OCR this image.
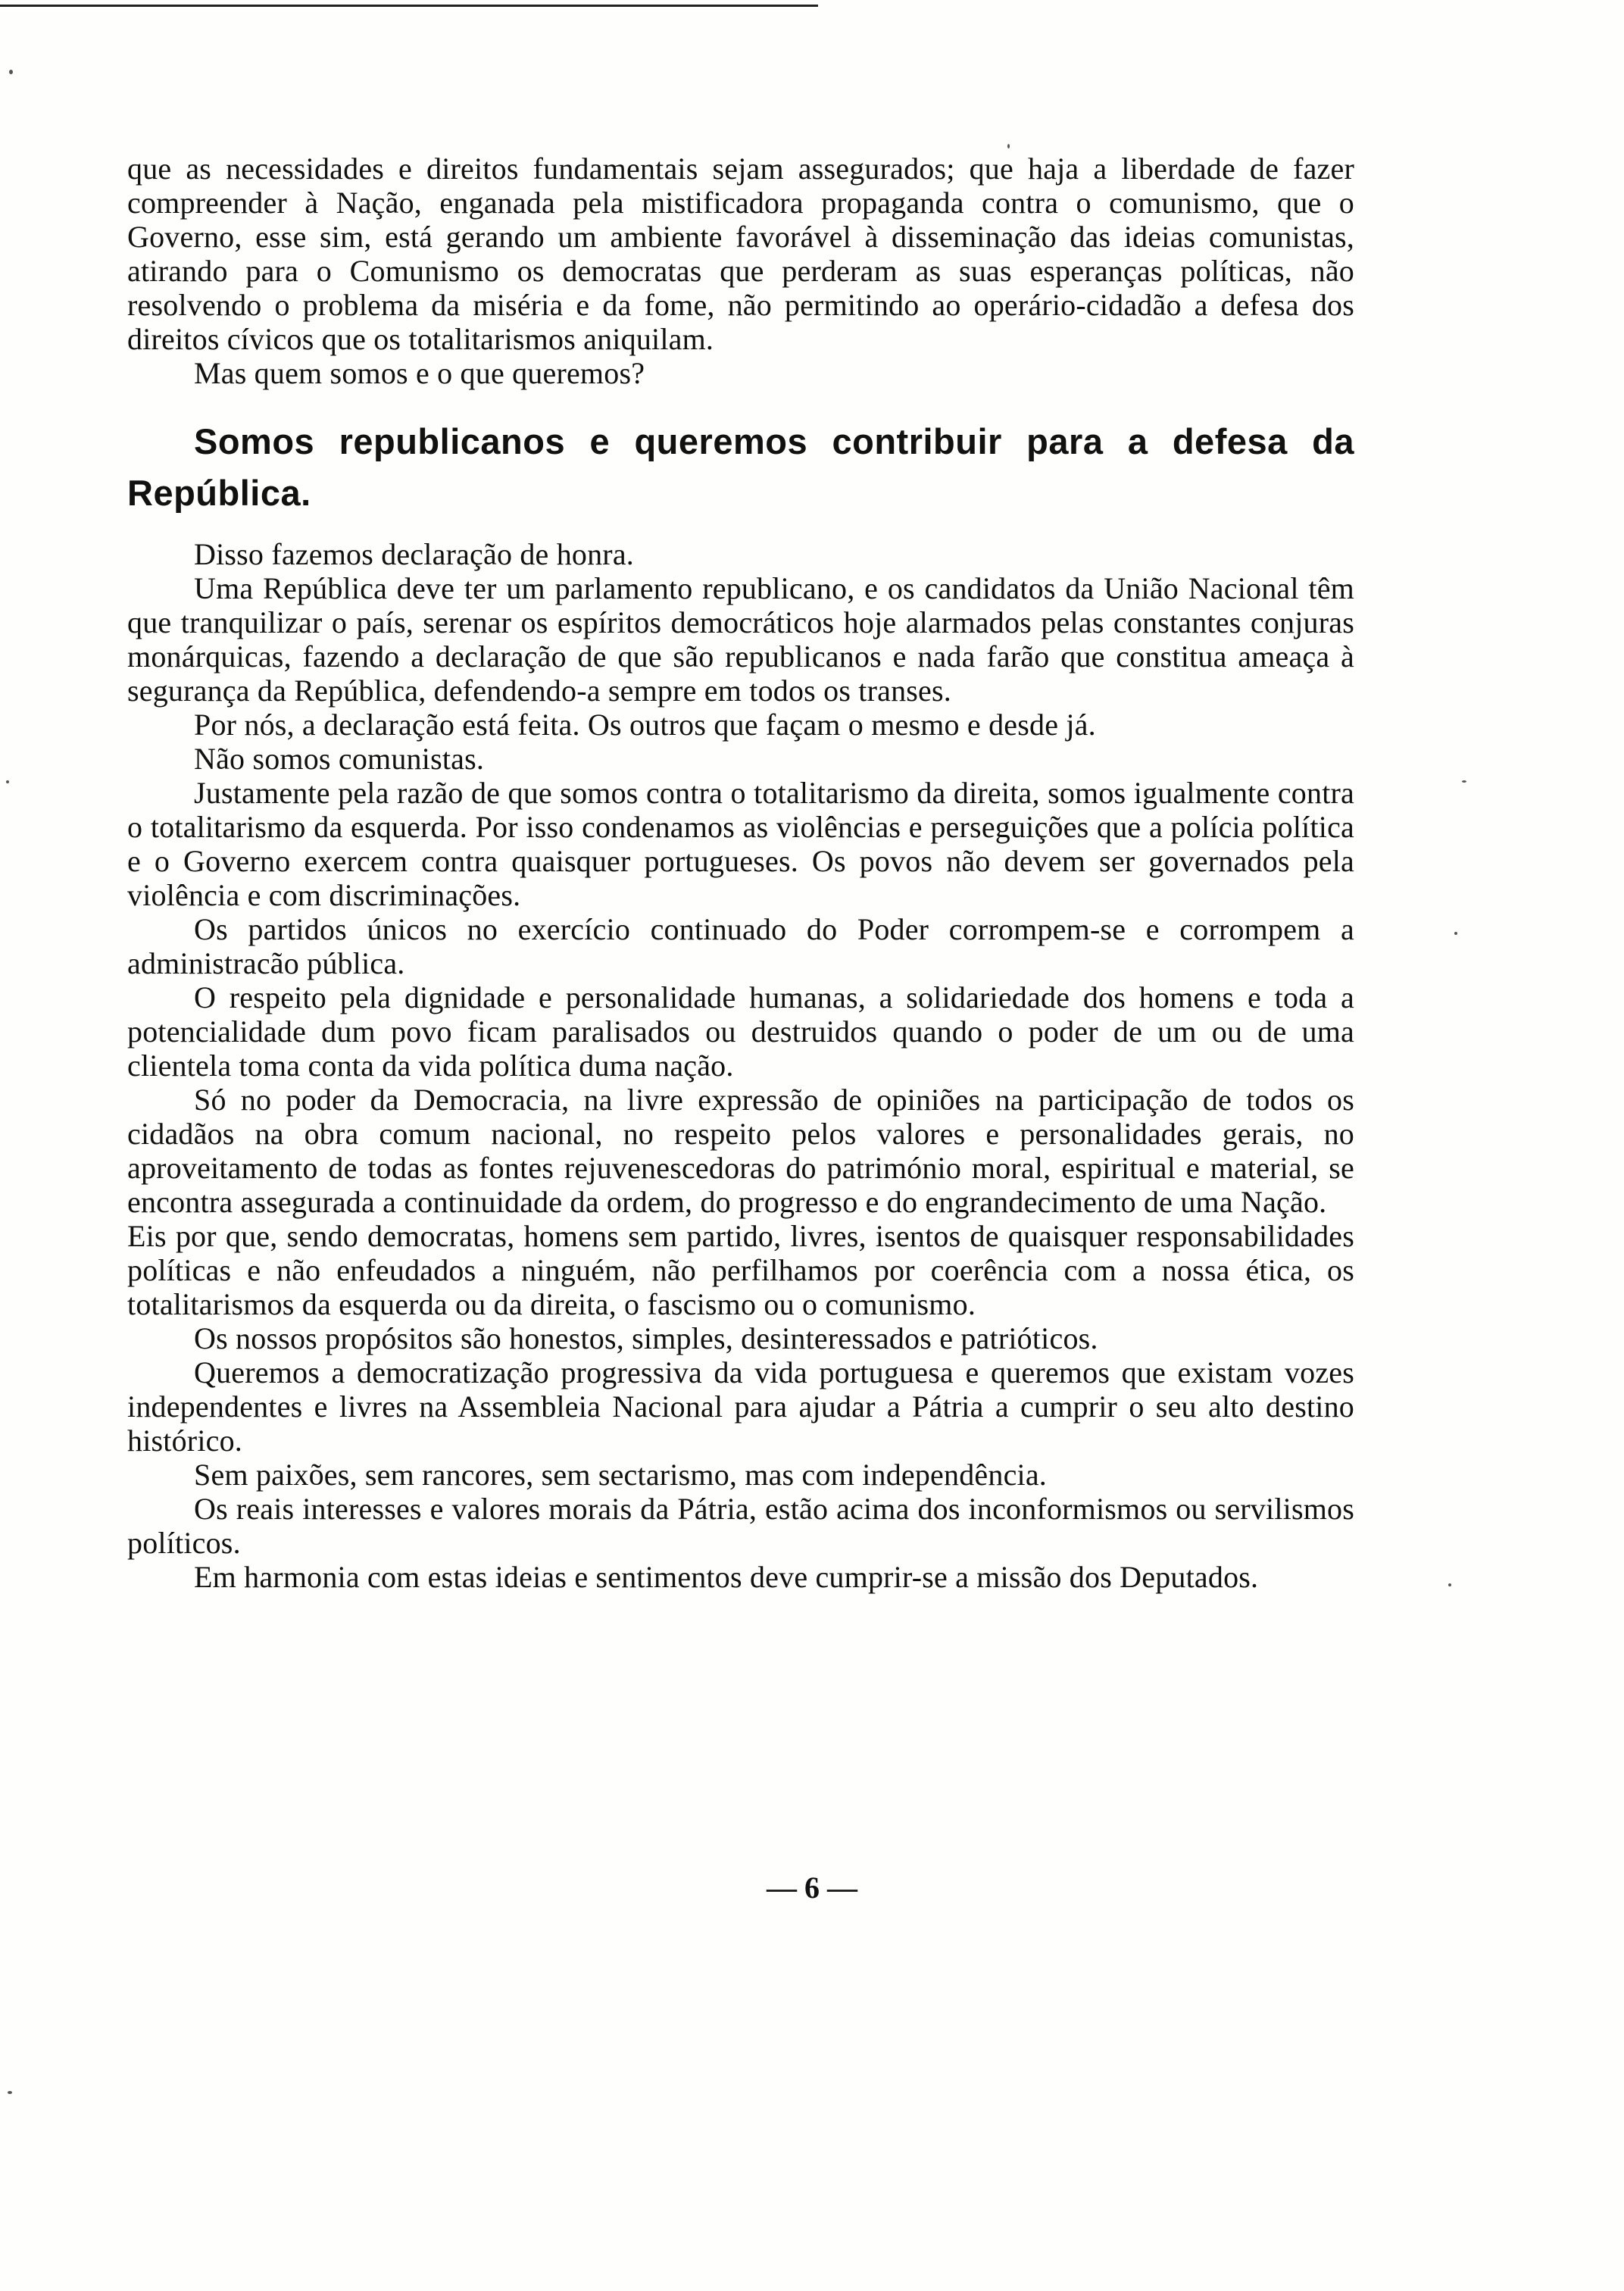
que as necessidades e direitos fundamentais sejam assegurados; que haja a liberdade de fazer compreender à Nação, enganada pela mistificadora propaganda contra o comunismo, que o Governo, esse sim, está gerando um ambiente favorável à disseminação das ideias comunistas, atirando para o Comunismo os democratas que perderam as suas esperanças políticas, não resolvendo o problema da miséria e da fome, não permitindo ao operário-cidadão a defesa dos direitos cívicos que os totalitarismos aniquilam.

Mas quem somos e o que queremos?

Somos republicanos e queremos contribuir para a defesa da República.

Disso fazemos declaração de honra.

Uma República deve ter um parlamento republicano, e os candidatos da União Nacional têm que tranquilizar o país, serenar os espíritos democráticos hoje alarmados pelas constantes conjuras monárquicas, fazendo a declaração de que são republicanos e nada farão que constitua ameaça à segurança da República, defendendo-a sempre em todos os transes.

Por nós, a declaração está feita. Os outros que façam o mesmo e desde já.

Não somos comunistas.

Justamente pela razão de que somos contra o totalitarismo da direita, somos igualmente contra o totalitarismo da esquerda. Por isso condenamos as violências e perseguições que a polícia política e o Governo exercem contra quaisquer portugueses. Os povos não devem ser governados pela violência e com discriminações.

Os partidos únicos no exercício continuado do Poder corrompem-se e corrompem a administracão pública.

O respeito pela dignidade e personalidade humanas, a solidariedade dos homens e toda a potencialidade dum povo ficam paralisados ou destruidos quando o poder de um ou de uma clientela toma conta da vida política duma nação.

Só no poder da Democracia, na livre expressão de opiniões na participação de todos os cidadãos na obra comum nacional, no respeito pelos valores e personalidades gerais, no aproveitamento de todas as fontes rejuvenescedoras do património moral, espiritual e material, se encontra assegurada a continuidade da ordem, do progresso e do engrandecimento de uma Nação.

Eis por que, sendo democratas, homens sem partido, livres, isentos de quaisquer responsabilidades políticas e não enfeudados a ninguém, não perfilhamos por coerência com a nossa ética, os totalitarismos da esquerda ou da direita, o fascismo ou o comunismo.

Os nossos propósitos são honestos, simples, desinteressados e patrióticos.

Queremos a democratização progressiva da vida portuguesa e queremos que existam vozes independentes e livres na Assembleia Nacional para ajudar a Pátria a cumprir o seu alto destino histórico.

Sem paixões, sem rancores, sem sectarismo, mas com independência.

Os reais interesses e valores morais da Pátria, estão acima dos inconformismos ou servilismos políticos.

Em harmonia com estas ideias e sentimentos deve cumprir-se a missão dos Deputados.

— 6 —
